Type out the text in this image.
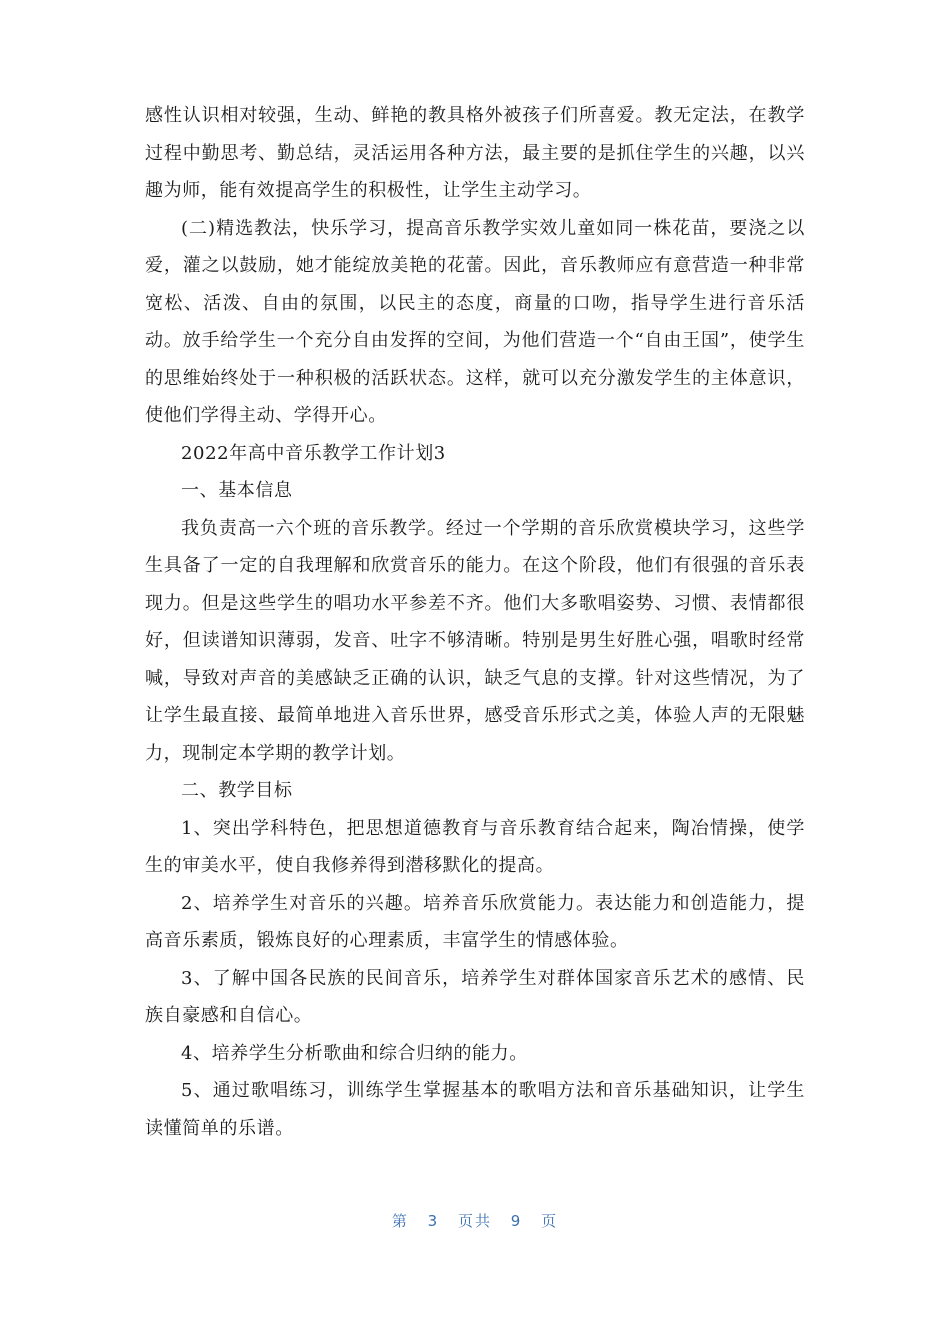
感性认识相对较强，生动、鲜艳的教具格外被孩子们所喜爱。教无定法，在教学过程中勤思考、勤总结，灵活运用各种方法，最主要的是抓住学生的兴趣，以兴趣为师，能有效提高学生的积极性，让学生主动学习。

(二)精选教法，快乐学习，提高音乐教学实效儿童如同一株花苗，要浇之以爱，灌之以鼓励，她才能绽放美艳的花蕾。因此，音乐教师应有意营造一种非常宽松、活泼、自由的氛围，以民主的态度，商量的口吻，指导学生进行音乐活动。放手给学生一个充分自由发挥的空间，为他们营造一个“自由王国”，使学生的思维始终处于一种积极的活跃状态。这样，就可以充分激发学生的主体意识，使他们学得主动、学得开心。

2022年高中音乐教学工作计划3

一、基本信息

我负责高一六个班的音乐教学。经过一个学期的音乐欣赏模块学习，这些学生具备了一定的自我理解和欣赏音乐的能力。在这个阶段，他们有很强的音乐表现力。但是这些学生的唱功水平参差不齐。他们大多歌唱姿势、习惯、表情都很好，但读谱知识薄弱，发音、吐字不够清晰。特别是男生好胜心强，唱歌时经常喊，导致对声音的美感缺乏正确的认识，缺乏气息的支撑。针对这些情况，为了让学生最直接、最简单地进入音乐世界，感受音乐形式之美，体验人声的无限魅力，现制定本学期的教学计划。

二、教学目标

1、突出学科特色，把思想道德教育与音乐教育结合起来，陶冶情操，使学生的审美水平，使自我修养得到潜移默化的提高。

2、培养学生对音乐的兴趣。培养音乐欣赏能力。表达能力和创造能力，提高音乐素质，锻炼良好的心理素质，丰富学生的情感体验。

3、了解中国各民族的民间音乐，培养学生对群体国家音乐艺术的感情、民族自豪感和自信心。

4、培养学生分析歌曲和综合归纳的能力。

5、通过歌唱练习，训练学生掌握基本的歌唱方法和音乐基础知识，让学生读懂简单的乐谱。

第 3 页共 9 页
